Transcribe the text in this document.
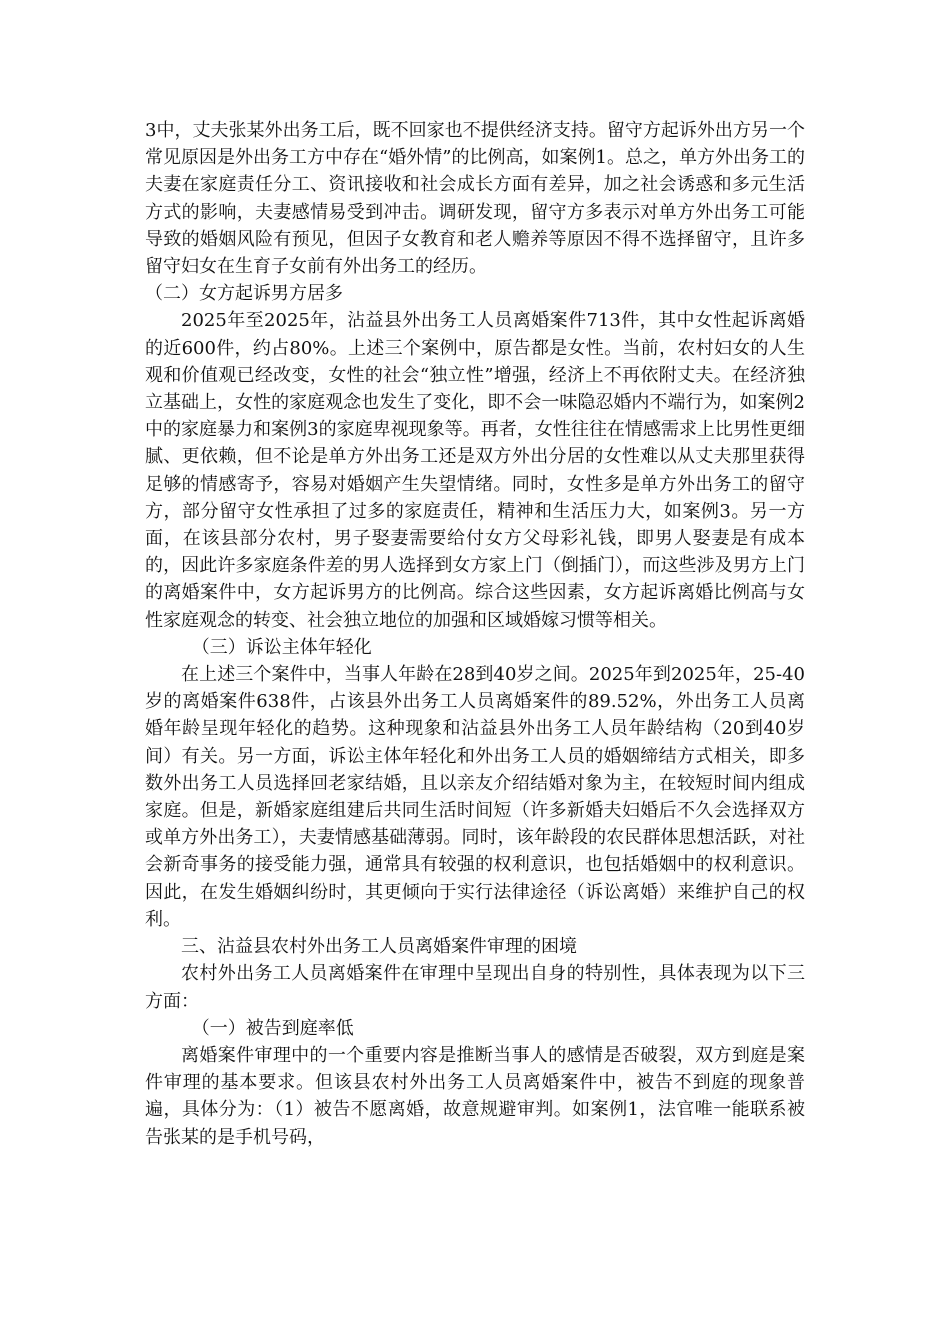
3中，丈夫张某外出务工后，既不回家也不提供经济支持。留守方起诉外出方另一个常见原因是外出务工方中存在“婚外情”的比例高，如案例1。总之，单方外出务工的夫妻在家庭责任分工、资讯接收和社会成长方面有差异，加之社会诱惑和多元生活方式的影响，夫妻感情易受到冲击。调研发现，留守方多表示对单方外出务工可能导致的婚姻风险有预见，但因子女教育和老人赡养等原因不得不选择留守，且许多留守妇女在生育子女前有外出务工的经历。

（二）女方起诉男方居多

2025年至2025年，沾益县外出务工人员离婚案件713件，其中女性起诉离婚的近600件，约占80%。上述三个案例中，原告都是女性。当前，农村妇女的人生观和价值观已经改变，女性的社会“独立性”增强，经济上不再依附丈夫。在经济独立基础上，女性的家庭观念也发生了变化，即不会一味隐忍婚内不端行为，如案例2中的家庭暴力和案例3的家庭卑视现象等。再者，女性往往在情感需求上比男性更细腻、更依赖，但不论是单方外出务工还是双方外出分居的女性难以从丈夫那里获得足够的情感寄予，容易对婚姻产生失望情绪。同时，女性多是单方外出务工的留守方，部分留守女性承担了过多的家庭责任，精神和生活压力大，如案例3。另一方面，在该县部分农村，男子娶妻需要给付女方父母彩礼钱，即男人娶妻是有成本的，因此许多家庭条件差的男人选择到女方家上门（倒插门），而这些涉及男方上门的离婚案件中，女方起诉男方的比例高。综合这些因素，女方起诉离婚比例高与女性家庭观念的转变、社会独立地位的加强和区域婚嫁习惯等相关。

（三）诉讼主体年轻化

在上述三个案件中，当事人年龄在28到40岁之间。2025年到2025年，25-40岁的离婚案件638件，占该县外出务工人员离婚案件的89.52%，外出务工人员离婚年龄呈现年轻化的趋势。这种现象和沾益县外出务工人员年龄结构（20到40岁间）有关。另一方面，诉讼主体年轻化和外出务工人员的婚姻缔结方式相关，即多数外出务工人员选择回老家结婚，且以亲友介绍结婚对象为主，在较短时间内组成家庭。但是，新婚家庭组建后共同生活时间短（许多新婚夫妇婚后不久会选择双方或单方外出务工），夫妻情感基础薄弱。同时，该年龄段的农民群体思想活跃，对社会新奇事务的接受能力强，通常具有较强的权利意识，也包括婚姻中的权利意识。因此，在发生婚姻纠纷时，其更倾向于实行法律途径（诉讼离婚）来维护自己的权利。

三、沾益县农村外出务工人员离婚案件审理的困境

农村外出务工人员离婚案件在审理中呈现出自身的特别性，具体表现为以下三方面：

（一）被告到庭率低

离婚案件审理中的一个重要内容是推断当事人的感情是否破裂，双方到庭是案件审理的基本要求。但该县农村外出务工人员离婚案件中，被告不到庭的现象普遍，具体分为：（1）被告不愿离婚，故意规避审判。如案例1，法官唯一能联系被告张某的是手机号码，
